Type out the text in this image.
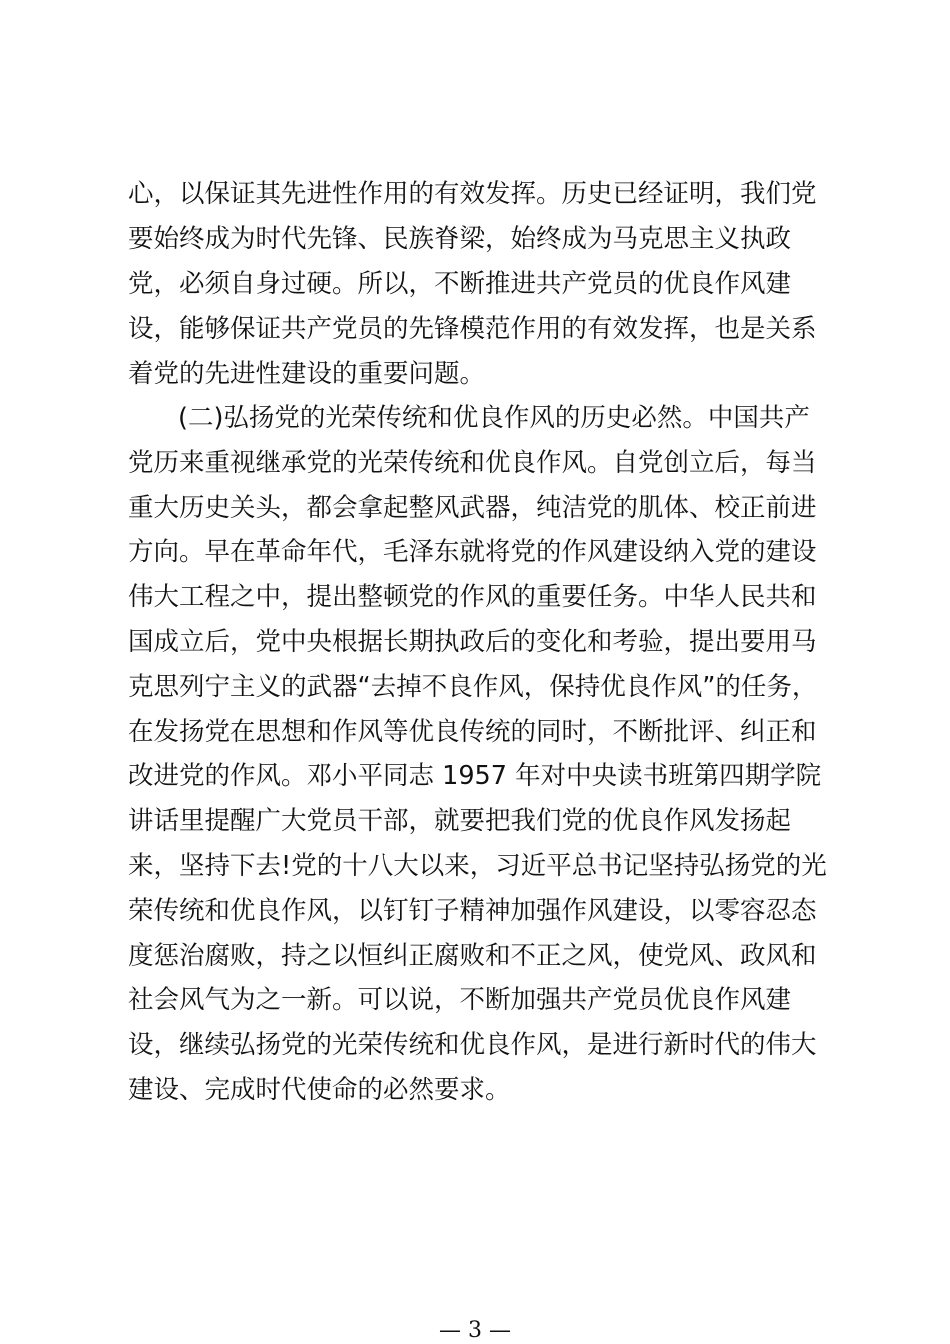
心，以保证其先进性作用的有效发挥。历史已经证明，我们党
要始终成为时代先锋、民族脊梁，始终成为马克思主义执政
党，必须自身过硬。所以，不断推进共产党员的优良作风建
设，能够保证共产党员的先锋模范作用的有效发挥，也是关系
着党的先进性建设的重要问题。
(二)弘扬党的光荣传统和优良作风的历史必然。中国共产
党历来重视继承党的光荣传统和优良作风。自党创立后，每当
重大历史关头，都会拿起整风武器，纯洁党的肌体、校正前进
方向。早在革命年代，毛泽东就将党的作风建设纳入党的建设
伟大工程之中，提出整顿党的作风的重要任务。中华人民共和
国成立后，党中央根据长期执政后的变化和考验，提出要用马
克思列宁主义的武器“去掉不良作风，保持优良作风”的任务，
在发扬党在思想和作风等优良传统的同时，不断批评、纠正和
改进党的作风。邓小平同志 1957 年对中央读书班第四期学院
讲话里提醒广大党员干部，就要把我们党的优良作风发扬起
来，坚持下去!党的十八大以来，习近平总书记坚持弘扬党的光
荣传统和优良作风，以钉钉子精神加强作风建设，以零容忍态
度惩治腐败，持之以恒纠正腐败和不正之风，使党风、政风和
社会风气为之一新。可以说，不断加强共产党员优良作风建
设，继续弘扬党的光荣传统和优良作风，是进行新时代的伟大
建设、完成时代使命的必然要求。
— 3 —
